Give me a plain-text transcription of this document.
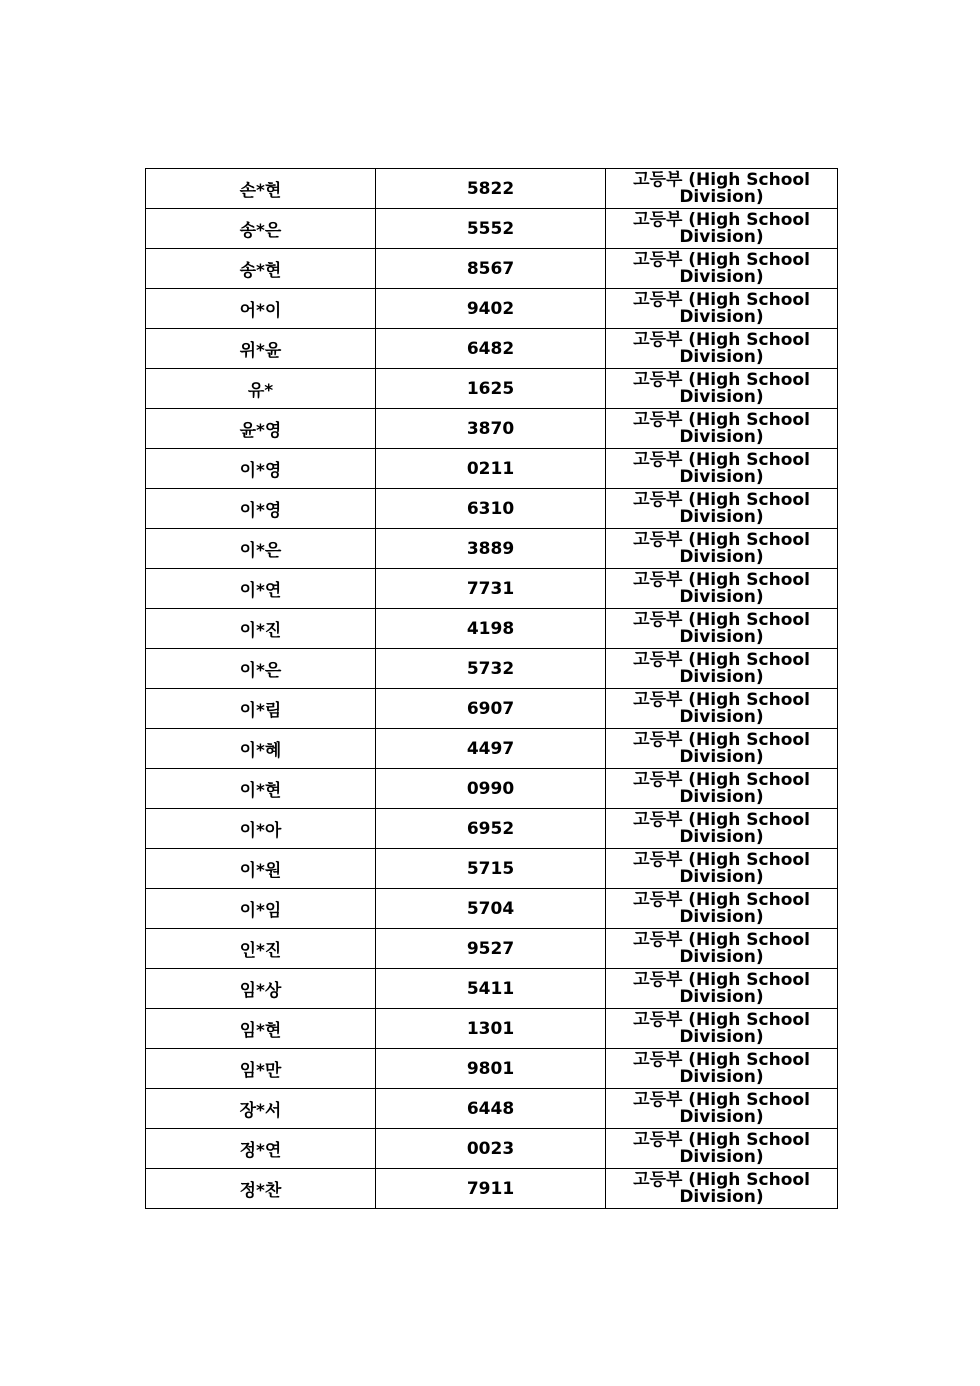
손*현	5822	고등부 (High School Division)
송*은	5552	고등부 (High School Division)
송*현	8567	고등부 (High School Division)
어*이	9402	고등부 (High School Division)
위*윤	6482	고등부 (High School Division)
유*	1625	고등부 (High School Division)
윤*영	3870	고등부 (High School Division)
이*영	0211	고등부 (High School Division)
이*영	6310	고등부 (High School Division)
이*은	3889	고등부 (High School Division)
이*연	7731	고등부 (High School Division)
이*진	4198	고등부 (High School Division)
이*은	5732	고등부 (High School Division)
이*림	6907	고등부 (High School Division)
이*혜	4497	고등부 (High School Division)
이*현	0990	고등부 (High School Division)
이*아	6952	고등부 (High School Division)
이*원	5715	고등부 (High School Division)
이*임	5704	고등부 (High School Division)
인*진	9527	고등부 (High School Division)
임*상	5411	고등부 (High School Division)
임*현	1301	고등부 (High School Division)
임*만	9801	고등부 (High School Division)
장*서	6448	고등부 (High School Division)
정*연	0023	고등부 (High School Division)
정*찬	7911	고등부 (High School Division)
